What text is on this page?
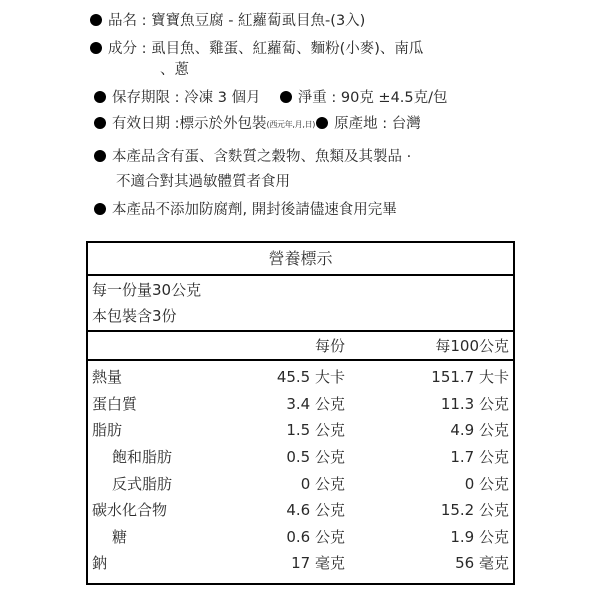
品名 : 寶寶魚豆腐 - 紅蘿蔔虱目魚-(3入)
成分 : 虱目魚、雞蛋、紅蘿蔔、麵粉(小麥)、南瓜
、蔥
保存期限 : 冷凍 3 個月	淨重 : 90克 ±4.5克/包
有效日期 :標示於外包裝(西元年,月,日) 原產地 : 台灣
本產品含有蛋、含麩質之穀物、魚類及其製品 ·
不適合對其過敏體質者食用
本產品不添加防腐劑, 開封後請儘速食用完畢
營養標示
每一份量30公克
本包裝含3份
每份	每100公克
熱量	45.5 大卡	151.7 大卡
蛋白質	3.4 公克	11.3 公克
脂肪	1.5 公克	4.9 公克
飽和脂肪	0.5 公克	1.7 公克
反式脂肪	0 公克	0 公克
碳水化合物	4.6 公克	15.2 公克
糖	0.6 公克	1.9 公克
鈉	17 毫克	56 毫克
